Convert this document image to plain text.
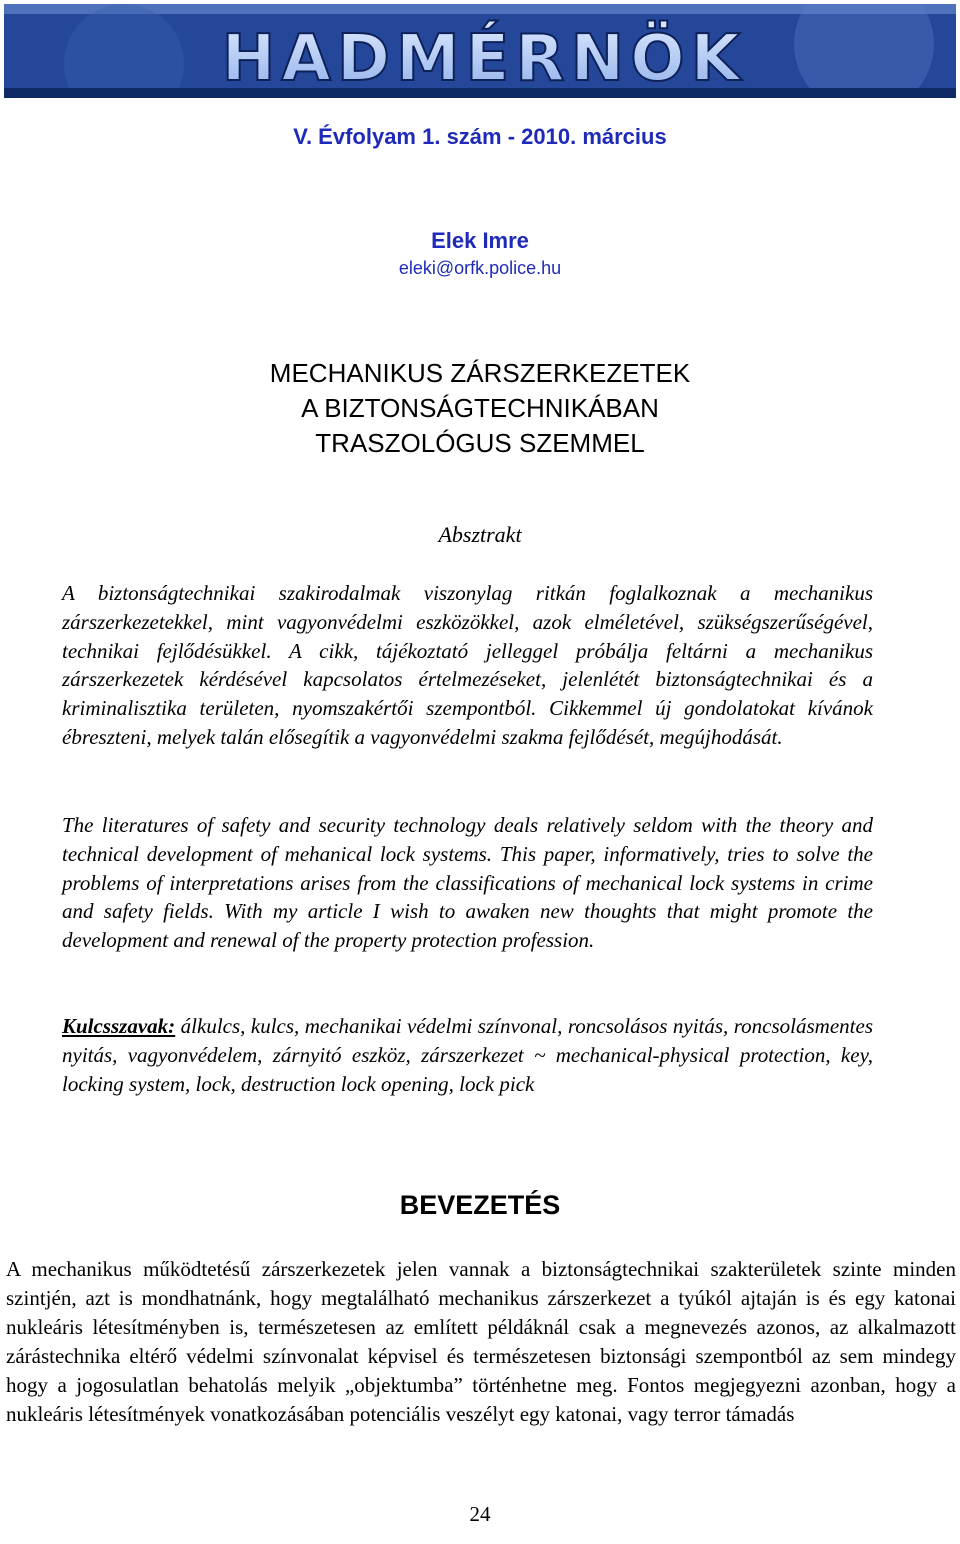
HADMÉRNÖK
V. Évfolyam 1. szám - 2010. március
Elek Imre
eleki@orfk.police.hu
MECHANIKUS ZÁRSZERKEZETEK
A BIZTONSÁGTECHNIKÁBAN
TRASZOLÓGUS SZEMMEL
Absztrakt
A biztonságtechnikai szakirodalmak viszonylag ritkán foglalkoznak a mechanikus zárszerkezetekkel, mint vagyonvédelmi eszközökkel, azok elméletével, szükségszerűségével, technikai fejlődésükkel. A cikk, tájékoztató jelleggel próbálja feltárni a mechanikus zárszerkezetek kérdésével kapcsolatos értelmezéseket, jelenlétét biztonságtechnikai és a kriminalisztika területen, nyomszakértői szempontból. Cikkemmel új gondolatokat kívánok ébreszteni, melyek talán elősegítik a vagyonvédelmi szakma fejlődését, megújhodását.
The literatures of safety and security technology deals relatively seldom with the theory and technical development of mehanical lock systems. This paper, informatively, tries to solve the problems of interpretations arises from the classifications of mechanical lock systems in crime and safety fields. With my article I wish to awaken new thoughts that might promote the development and renewal of the property protection profession.
Kulcsszavak: álkulcs, kulcs, mechanikai védelmi színvonal, roncsolásos nyitás, roncsolásmentes nyitás, vagyonvédelem, zárnyitó eszköz, zárszerkezet ~ mechanical-physical protection, key, locking system, lock, destruction lock opening, lock pick
BEVEZETÉS
A mechanikus működtetésű zárszerkezetek jelen vannak a biztonságtechnikai szakterületek szinte minden szintjén, azt is mondhatnánk, hogy megtalálható mechanikus zárszerkezet a tyúkól ajtaján is és egy katonai nukleáris létesítményben is, természetesen az említett példáknál csak a megnevezés azonos, az alkalmazott zárástechnika eltérő védelmi színvonalat képvisel és természetesen biztonsági szempontból az sem mindegy hogy a jogosulatlan behatolás melyik „objektumba” történhetne meg. Fontos megjegyezni azonban, hogy a nukleáris létesítmények vonatkozásában potenciális veszélyt egy katonai, vagy terror támadás
24
